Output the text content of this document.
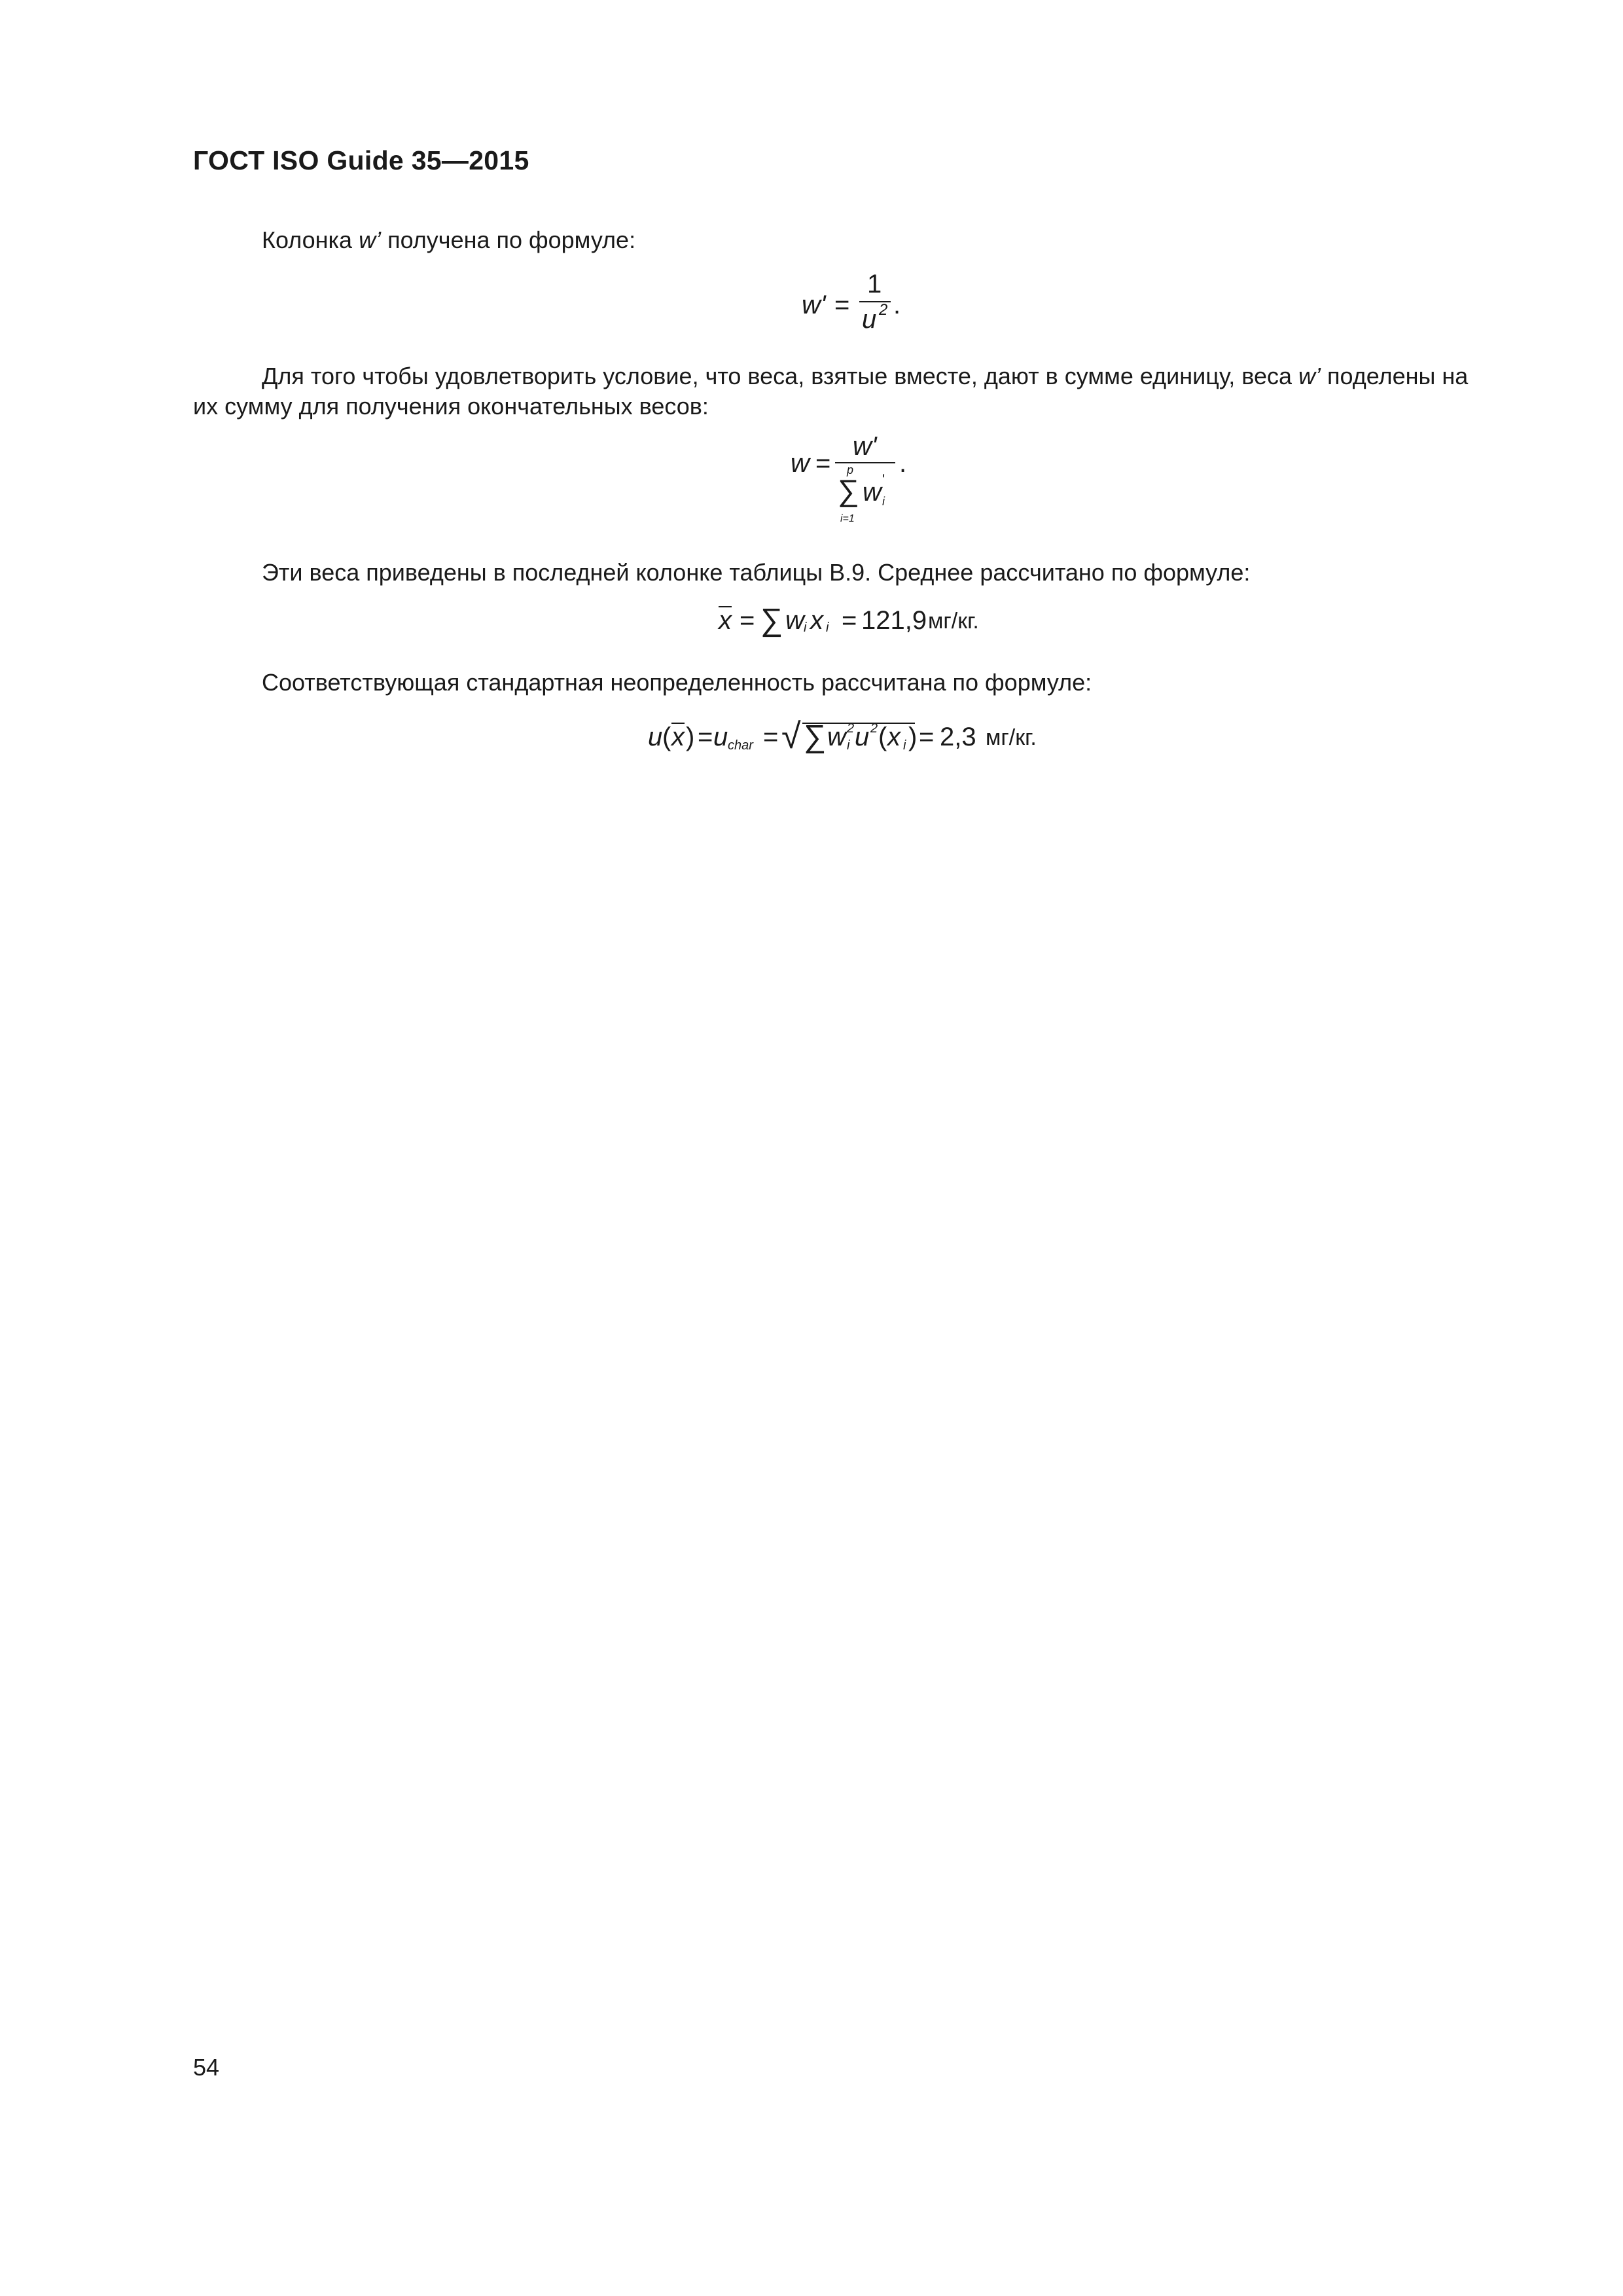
ГОСТ ISO Guide 35—2015
Колонка w’ получена по формуле:
w' =
1
u 2 .
Для того чтобы удовлетворить условие, что веса, взятые вместе, дают в сумме единицу, веса w’ поделены на
их сумму для получения окончательных весов:
w =
w'
p
∑
i=1
w i
'
.
Эти веса приведены в последней колонке таблицы В.9. Среднее рассчитано по формуле:
x = ∑ w i x i = 121,9 мг/кг.
Соответствующая стандартная неопределенность рассчитана по формуле:
u ( x ) = u char = √ ∑ w 2
i u 2 ( x i ) = 2,3 мг/кг.
54
